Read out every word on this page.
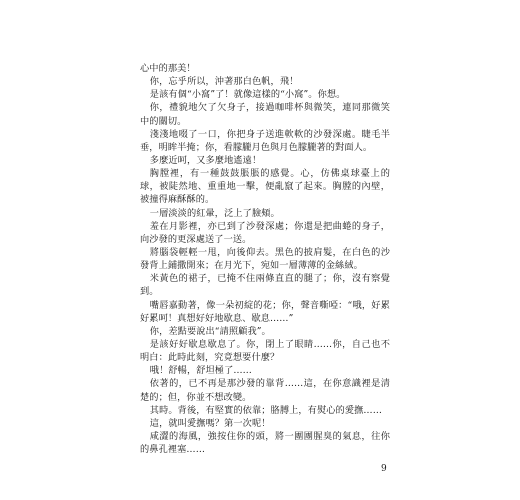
心中的那美！

你，忘乎所以，沖著那白色帆，飛！

是該有個“小窩”了！就像這樣的“小窩”。你想。

你，禮貌地欠了欠身子，接過咖啡杯與微笑，連同那微笑中的關切。

淺淺地啜了一口，你把身子送進軟軟的沙發深處。睫毛半垂，明眸半掩；你，看朦朧月色與月色朦朧著的對面人。

多麼近呵，又多麼地遙遠！

胸膛裡，有一種鼓鼓脹脹的感覺。心，仿佛桌球臺上的球，被陡然地、重重地一擊，便亂竄了起來。胸膛的內壁，被撞得麻酥酥的。

一層淡淡的紅暈，泛上了臉頰。

羞在月影裡，亦已到了沙發深處；你還是把曲蜷的身子，向沙發的更深處送了一送。

將腦袋輕輕一甩，向後仰去。黑色的披肩髮，在白色的沙發背上鋪撒開來；在月光下，宛如一層薄薄的金絲絨。

米黃色的裙子，已掩不住兩條直直的腿了；你，沒有察覺到。

嘴唇嘉動著，像一朵初綻的花；你，聲音嘶啞：“哦，好累好累呵！真想好好地歇息、歇息……”

你，差點要說出“請照顧我”。

是該好好歇息歇息了。你，閉上了眼睛……你，自己也不明白：此時此刻，究竟想要什麼？

哦！舒暢，舒坦極了……

依著的，已不再是那沙發的靠背……這，在你意識裡是清楚的；但，你並不想改變。

其時。背後，有堅實的依靠；胳膊上，有熨心的愛撫……

這，就叫愛撫嗎？第一次呢！

咸澀的海風，強按住你的頭，將一團團腥臭的氣息，往你的鼻孔裡塞……

9
